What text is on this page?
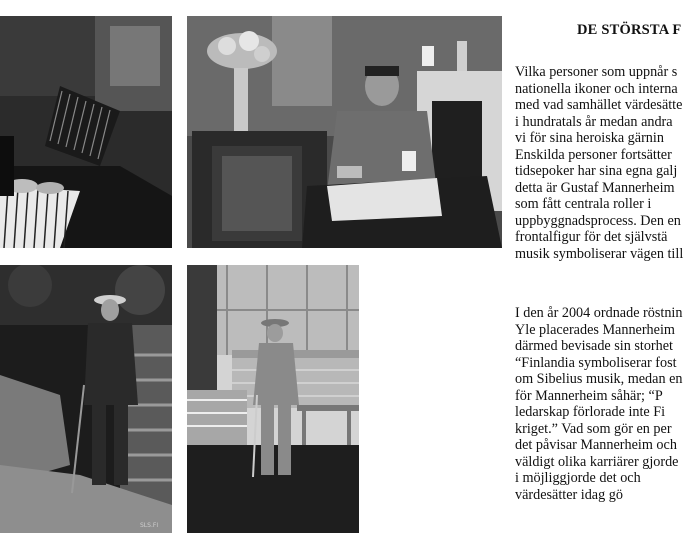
SLS.FI
DE STÖRSTA F
Vilka personer som uppnår s
nationella ikoner och interna
med vad samhället värdesätte
i hundratals år medan andra
vi för sina heroiska gärnin
Enskilda personer fortsätter
tidsepoker har sina egna galj
detta är Gustaf Mannerheim
som fått centrala roller i
uppbyggnadsprocess. Den en
frontalfigur för det självstä
musik symboliserar vägen till
I den år 2004 ordnade röstnin
Yle placerades Mannerheim
därmed bevisade sin storhet
“Finlandia symboliserar fost
om Sibelius musik, medan en
för Mannerheim såhär; “P
ledarskap förlorade inte Fi
kriget.” Vad som gör en per
det påvisar Mannerheim och
väldigt olika karriärer gjorde
i möjliggjorde det och
värdesätter idag gö
